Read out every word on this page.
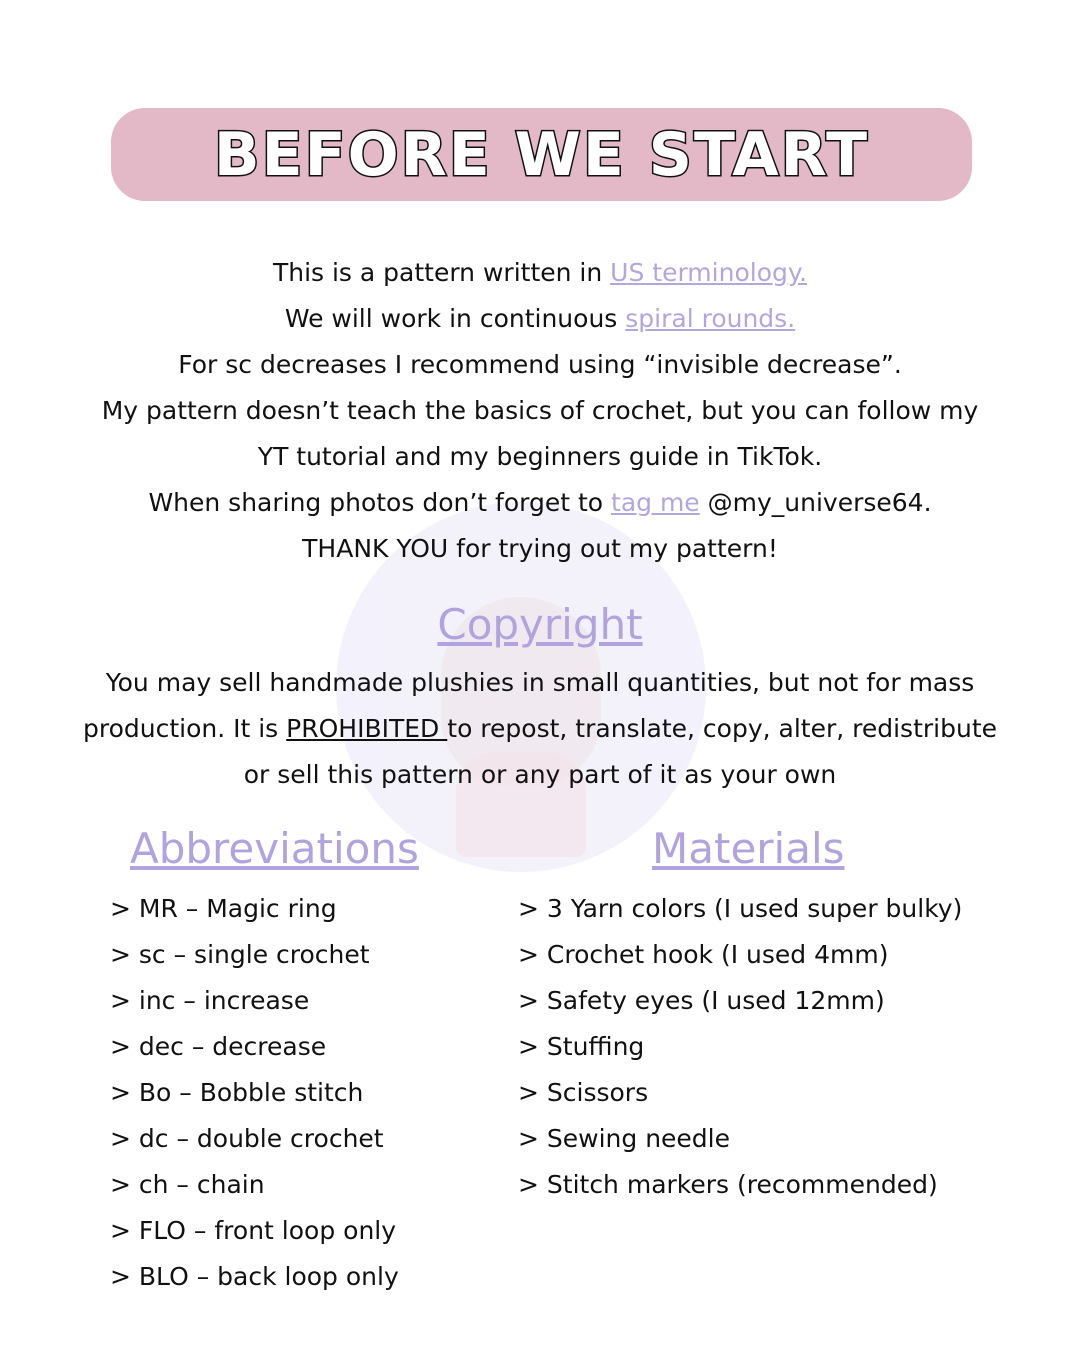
BEFORE WE START
This is a pattern written in US terminology.
We will work in continuous spiral rounds.
For sc decreases I recommend using “invisible decrease”.
My pattern doesn’t teach the basics of crochet, but you can follow my
YT tutorial and my beginners guide in TikTok.
When sharing photos don’t forget to tag me @my_universe64.
THANK YOU for trying out my pattern!
Copyright
You may sell handmade plushies in small quantities, but not for mass
production. It is PROHIBITED to repost, translate, copy, alter, redistribute
or sell this pattern or any part of it as your own
Abbreviations
> MR – Magic ring
> sc – single crochet
> inc – increase
> dec – decrease
> Bo – Bobble stitch
> dc – double crochet
> ch – chain
> FLO – front loop only
> BLO – back loop only
Materials
> 3 Yarn colors (I used super bulky)
> Crochet hook (I used 4mm)
> Safety eyes (I used 12mm)
> Stuffing
> Scissors
> Sewing needle
> Stitch markers (recommended)
